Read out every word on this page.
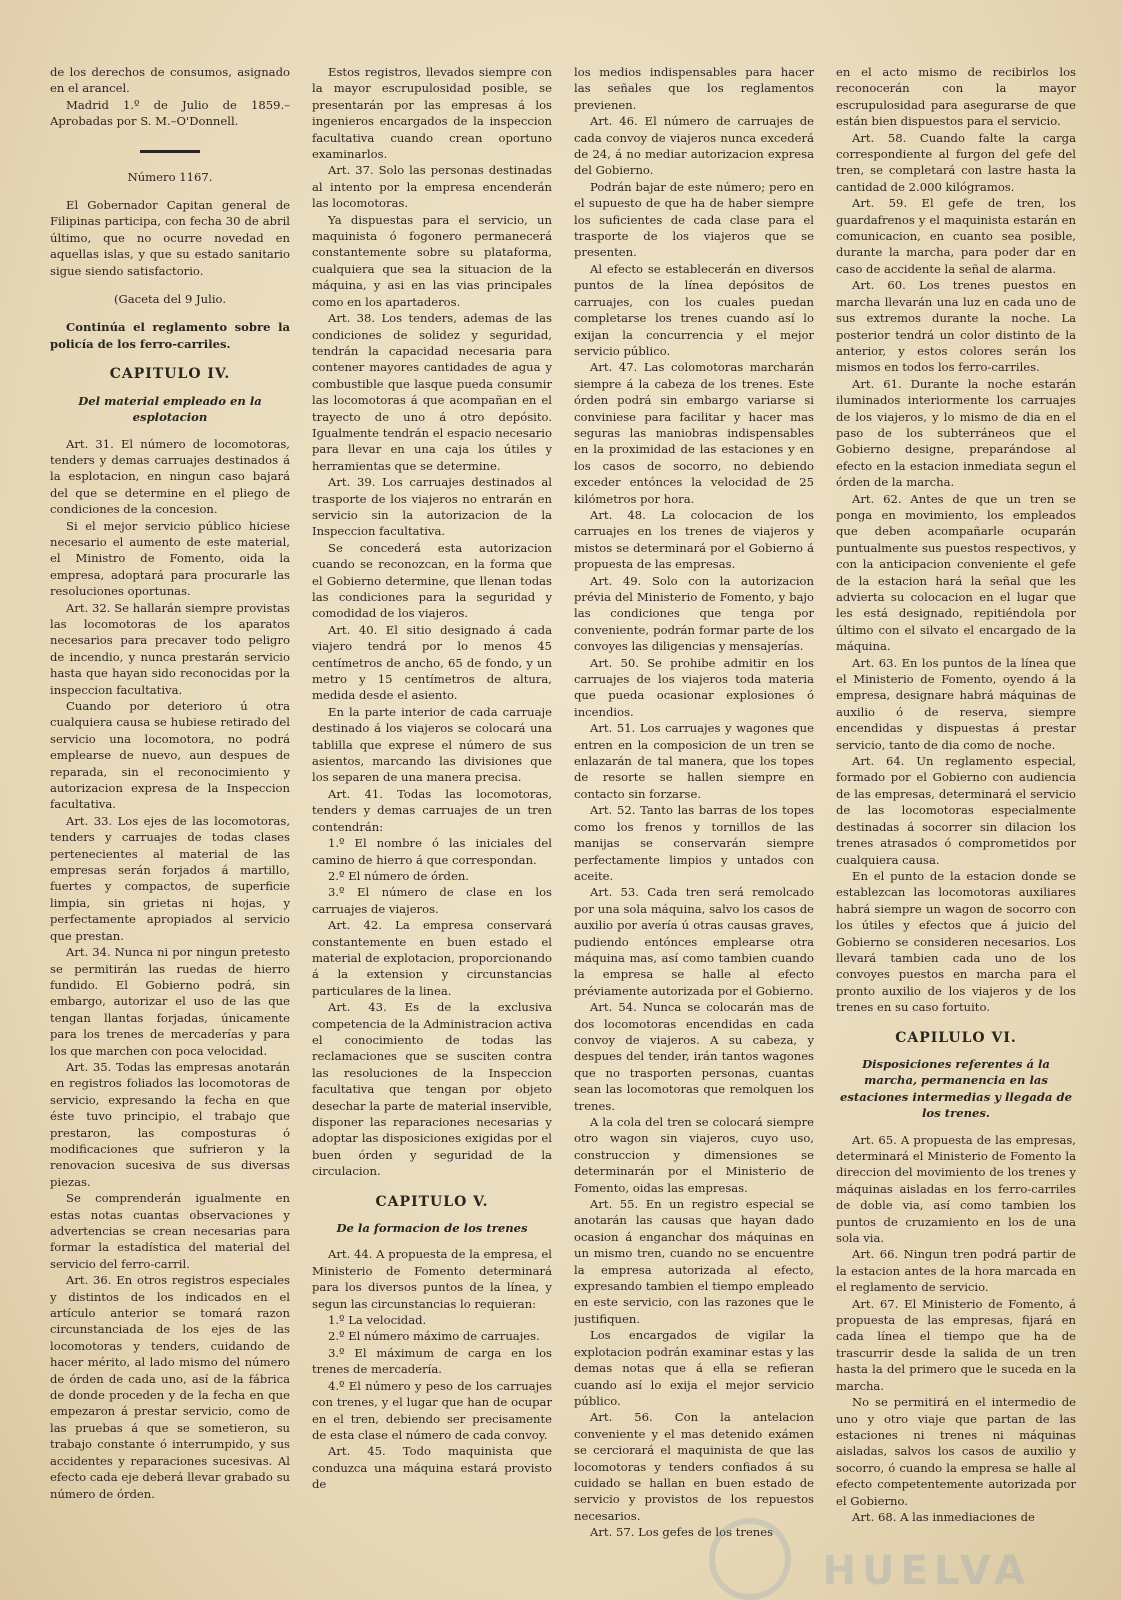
de los derechos de consumos, asignado en el arancel.

Madrid 1.º de Julio de 1859.–Aprobadas por S. M.–O'Donnell.

Número 1167.

El Gobernador Capitan general de Filipinas participa, con fecha 30 de abril último, que no ocurre novedad en aquellas islas, y que su estado sanitario sigue siendo satisfactorio.

(Gaceta del 9 Julio.

Continúa el reglamento sobre la policía de los ferro-carriles.

CAPITULO IV.
Del material empleado en la esplotacion

Art. 31. El número de locomotoras, tenders y demas carruajes destinados á la esplotacion, en ningun caso bajará del que se determine en el pliego de condiciones de la concesion.

Si el mejor servicio público hiciese necesario el aumento de este material, el Ministro de Fomento, oida la empresa, adoptará para procurarle las resoluciones oportunas.

Art. 32. Se hallarán siempre provistas las locomotoras de los aparatos necesarios para precaver todo peligro de incendio, y nunca prestarán servicio hasta que hayan sido reconocidas por la inspeccion facultativa.

Cuando por deterioro ú otra cualquiera causa se hubiese retirado del servicio una locomotora, no podrá emplearse de nuevo, aun despues de reparada, sin el reconocimiento y autorizacion expresa de la Inspeccion facultativa.

Art. 33. Los ejes de las locomotoras, tenders y carruajes de todas clases pertenecientes al material de las empresas serán forjados á martillo, fuertes y compactos, de superficie limpia, sin grietas ni hojas, y perfectamente apropiados al servicio que prestan.

Art. 34. Nunca ni por ningun pretesto se permitirán las ruedas de hierro fundido. El Gobierno podrá, sin embargo, autorizar el uso de las que tengan llantas forjadas, únicamente para los trenes de mercaderías y para los que marchen con poca velocidad.

Art. 35. Todas las empresas anotarán en registros foliados las locomotoras de servicio, expresando la fecha en que éste tuvo principio, el trabajo que prestaron, las composturas ó modificaciones que sufrieron y la renovacion sucesiva de sus diversas piezas.

Se comprenderán igualmente en estas notas cuantas observaciones y advertencias se crean necesarias para formar la estadística del material del servicio del ferro-carril.

Art. 36. En otros registros especiales y distintos de los indicados en el artículo anterior se tomará razon circunstanciada de los ejes de las locomotoras y tenders, cuidando de hacer mérito, al lado mismo del número de órden de cada uno, así de la fábrica de donde proceden y de la fecha en que empezaron á prestar servicio, como de las pruebas á que se sometieron, su trabajo constante ó interrumpido, y sus accidentes y reparaciones sucesivas. Al efecto cada eje deberá llevar grabado su número de órden.

Estos registros, llevados siempre con la mayor escrupulosidad posible, se presentarán por las empresas á los ingenieros encargados de la inspeccion facultativa cuando crean oportuno examinarlos.

Art. 37. Solo las personas destinadas al intento por la empresa encenderán las locomotoras.

Ya dispuestas para el servicio, un maquinista ó fogonero permanecerá constantemente sobre su plataforma, cualquiera que sea la situacion de la máquina, y asi en las vias principales como en los apartaderos.

Art. 38. Los tenders, ademas de las condiciones de solidez y seguridad, tendrán la capacidad necesaria para contener mayores cantidades de agua y combustible que lasque pueda consumir las locomotoras á que acompañan en el trayecto de uno á otro depósito. Igualmente tendrán el espacio necesario para llevar en una caja los útiles y herramientas que se determine.

Art. 39. Los carruajes destinados al trasporte de los viajeros no entrarán en servicio sin la autorizacion de la Inspeccion facultativa.

Se concederá esta autorizacion cuando se reconozcan, en la forma que el Gobierno determine, que llenan todas las condiciones para la seguridad y comodidad de los viajeros.

Art. 40. El sitio designado á cada viajero tendrá por lo menos 45 centímetros de ancho, 65 de fondo, y un metro y 15 centímetros de altura, medida desde el asiento.

En la parte interior de cada carruaje destinado á los viajeros se colocará una tablilla que exprese el número de sus asientos, marcando las divisiones que los separen de una manera precisa.

Art. 41. Todas las locomotoras, tenders y demas carruajes de un tren contendrán:

1.º El nombre ó las iniciales del camino de hierro á que correspondan.

2.º El número de órden.

3.º El número de clase en los carruajes de viajeros.

Art. 42. La empresa conservará constantemente en buen estado el material de explotacion, proporcionando á la extension y circunstancias particulares de la linea.

Art. 43. Es de la exclusiva competencia de la Administracion activa el conocimiento de todas las reclamaciones que se susciten contra las resoluciones de la Inspeccion facultativa que tengan por objeto desechar la parte de material inservible, disponer las reparaciones necesarias y adoptar las disposiciones exigidas por el buen órden y seguridad de la circulacion.

CAPITULO V.
De la formacion de los trenes

Art. 44. A propuesta de la empresa, el Ministerio de Fomento determinará para los diversos puntos de la línea, y segun las circunstancias lo requieran:

1.º La velocidad.

2.º El número máximo de carruajes.

3.º El máximum de carga en los trenes de mercadería.

4.º El número y peso de los carruajes con trenes, y el lugar que han de ocupar en el tren, debiendo ser precisamente de esta clase el número de cada convoy.

Art. 45. Todo maquinista que conduzca una máquina estará provisto de

los medios indispensables para hacer las señales que los reglamentos previenen.

Art. 46. El número de carruajes de cada convoy de viajeros nunca excederá de 24, á no mediar autorizacion expresa del Gobierno.

Podrán bajar de este número; pero en el supuesto de que ha de haber siempre los suficientes de cada clase para el trasporte de los viajeros que se presenten.

Al efecto se establecerán en diversos puntos de la línea depósitos de carruajes, con los cuales puedan completarse los trenes cuando así lo exijan la concurrencia y el mejor servicio público.

Art. 47. Las colomotoras marcharán siempre á la cabeza de los trenes. Este órden podrá sin embargo variarse si conviniese para facilitar y hacer mas seguras las maniobras indispensables en la proximidad de las estaciones y en los casos de socorro, no debiendo exceder entónces la velocidad de 25 kilómetros por hora.

Art. 48. La colocacion de los carruajes en los trenes de viajeros y mistos se determinará por el Gobierno á propuesta de las empresas.

Art. 49. Solo con la autorizacion prévia del Ministerio de Fomento, y bajo las condiciones que tenga por conveniente, podrán formar parte de los convoyes las diligencias y mensajerías.

Art. 50. Se prohibe admitir en los carruajes de los viajeros toda materia que pueda ocasionar explosiones ó incendios.

Art. 51. Los carruajes y wagones que entren en la composicion de un tren se enlazarán de tal manera, que los topes de resorte se hallen siempre en contacto sin forzarse.

Art. 52. Tanto las barras de los topes como los frenos y tornillos de las manijas se conservarán siempre perfectamente limpios y untados con aceite.

Art. 53. Cada tren será remolcado por una sola máquina, salvo los casos de auxilio por avería ú otras causas graves, pudiendo entónces emplearse otra máquina mas, así como tambien cuando la empresa se halle al efecto préviamente autorizada por el Gobierno.

Art. 54. Nunca se colocarán mas de dos locomotoras encendidas en cada convoy de viajeros. A su cabeza, y despues del tender, irán tantos wagones que no trasporten personas, cuantas sean las locomotoras que remolquen los trenes.

A la cola del tren se colocará siempre otro wagon sin viajeros, cuyo uso, construccion y dimensiones se determinarán por el Ministerio de Fomento, oidas las empresas.

Art. 55. En un registro especial se anotarán las causas que hayan dado ocasion á enganchar dos máquinas en un mismo tren, cuando no se encuentre la empresa autorizada al efecto, expresando tambien el tiempo empleado en este servicio, con las razones que le justifiquen.

Los encargados de vigilar la explotacion podrán examinar estas y las demas notas que á ella se refieran cuando así lo exija el mejor servicio público.

Art. 56. Con la antelacion conveniente y el mas detenido exámen se cerciorará el maquinista de que las locomotoras y tenders confiados á su cuidado se hallan en buen estado de servicio y provistos de los repuestos necesarios.

Art. 57. Los gefes de los trenes

en el acto mismo de recibirlos los reconocerán con la mayor escrupulosidad para asegurarse de que están bien dispuestos para el servicio.

Art. 58. Cuando falte la carga correspondiente al furgon del gefe del tren, se completará con lastre hasta la cantidad de 2.000 kilógramos.

Art. 59. El gefe de tren, los guardafrenos y el maquinista estarán en comunicacion, en cuanto sea posible, durante la marcha, para poder dar en caso de accidente la señal de alarma.

Art. 60. Los trenes puestos en marcha llevarán una luz en cada uno de sus extremos durante la noche. La posterior tendrá un color distinto de la anterior, y estos colores serán los mismos en todos los ferro-carriles.

Art. 61. Durante la noche estarán iluminados interiormente los carruajes de los viajeros, y lo mismo de dia en el paso de los subterráneos que el Gobierno designe, preparándose al efecto en la estacion inmediata segun el órden de la marcha.

Art. 62. Antes de que un tren se ponga en movimiento, los empleados que deben acompañarle ocuparán puntualmente sus puestos respectivos, y con la anticipacion conveniente el gefe de la estacion hará la señal que les advierta su colocacion en el lugar que les está designado, repitiéndola por último con el silvato el encargado de la máquina.

Art. 63. En los puntos de la línea que el Ministerio de Fomento, oyendo á la empresa, designare habrá máquinas de auxilio ó de reserva, siempre encendidas y dispuestas á prestar servicio, tanto de dia como de noche.

Art. 64. Un reglamento especial, formado por el Gobierno con audiencia de las empresas, determinará el servicio de las locomotoras especialmente destinadas á socorrer sin dilacion los trenes atrasados ó comprometidos por cualquiera causa.

En el punto de la estacion donde se establezcan las locomotoras auxiliares habrá siempre un wagon de socorro con los útiles y efectos que á juicio del Gobierno se consideren necesarios. Los llevará tambien cada uno de los convoyes puestos en marcha para el pronto auxilio de los viajeros y de los trenes en su caso fortuito.

CAPILULO VI.
Disposiciones referentes á la marcha, permanencia en las estaciones intermedias y llegada de los trenes.

Art. 65. A propuesta de las empresas, determinará el Ministerio de Fomento la direccion del movimiento de los trenes y máquinas aisladas en los ferro-carriles de doble via, así como tambien los puntos de cruzamiento en los de una sola via.

Art. 66. Ningun tren podrá partir de la estacion antes de la hora marcada en el reglamento de servicio.

Art. 67. El Ministerio de Fomento, á propuesta de las empresas, fijará en cada línea el tiempo que ha de trascurrir desde la salida de un tren hasta la del primero que le suceda en la marcha.

No se permitirá en el intermedio de uno y otro viaje que partan de las estaciones ni trenes ni máquinas aisladas, salvos los casos de auxilio y socorro, ó cuando la empresa se halle al efecto competentemente autorizada por el Gobierno.

Art. 68. A las inmediaciones de

HUELVA
